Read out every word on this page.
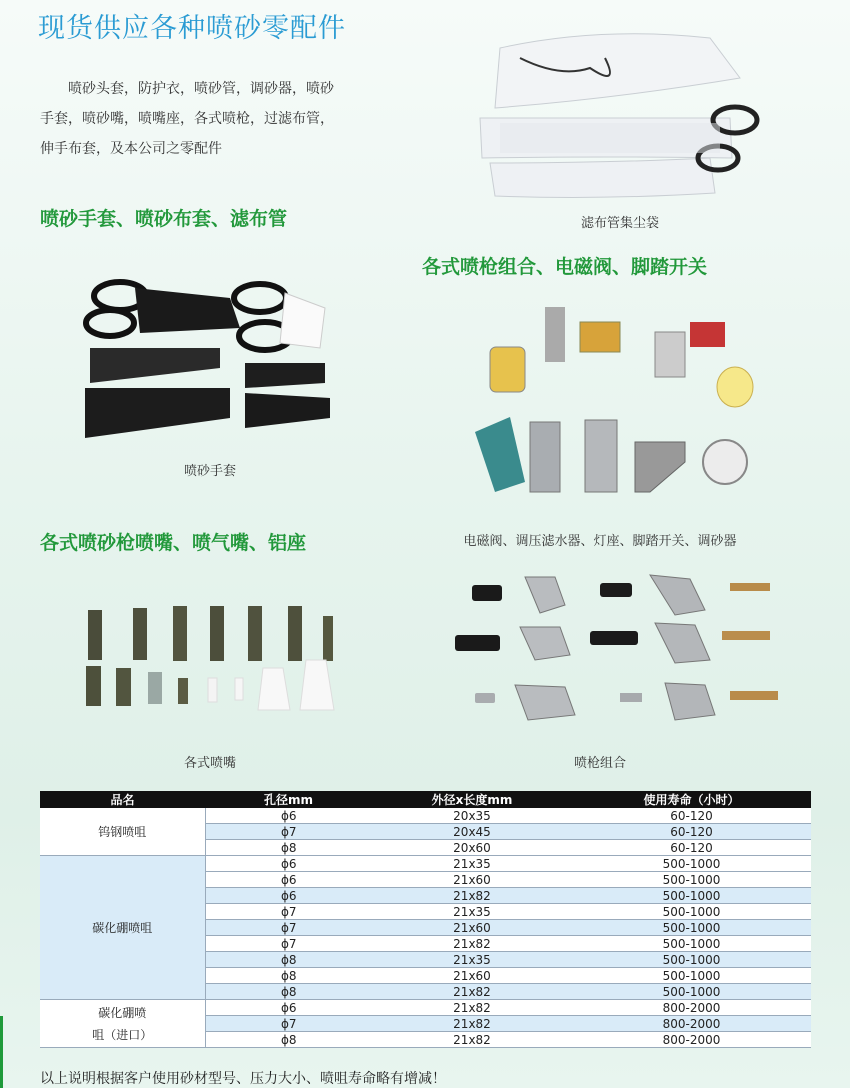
现货供应各种喷砂零配件
喷砂头套，防护衣，喷砂管，调砂器，喷砂
手套，喷砂嘴，喷嘴座，各式喷枪，过滤布管，
伸手布套，及本公司之零配件
滤布管集尘袋
喷砂手套、喷砂布套、滤布管
喷砂手套
各式喷枪组合、电磁阀、脚踏开关
电磁阀、调压滤水器、灯座、脚踏开关、调砂器
各式喷砂枪喷嘴、喷气嘴、铝座
各式喷嘴	喷枪组合
品名	孔径mm	外径x长度mm	使用寿命（小时）
钨钢喷咀	ϕ6	20x35	60-120
	ϕ7	20x45	60-120
	ϕ8	20x60	60-120
碳化硼喷咀	ϕ6	21x35	500-1000
	ϕ6	21x60	500-1000
	ϕ6	21x82	500-1000
	ϕ7	21x35	500-1000
	ϕ7	21x60	500-1000
	ϕ7	21x82	500-1000
	ϕ8	21x35	500-1000
	ϕ8	21x60	500-1000
	ϕ8	21x82	500-1000

碳化硼喷
咀（进口）	ϕ6	21x82	800-2000
	ϕ7	21x82	800-2000
	ϕ8	21x82	800-2000
以上说明根据客户使用砂材型号、压力大小、喷咀寿命略有增减！
